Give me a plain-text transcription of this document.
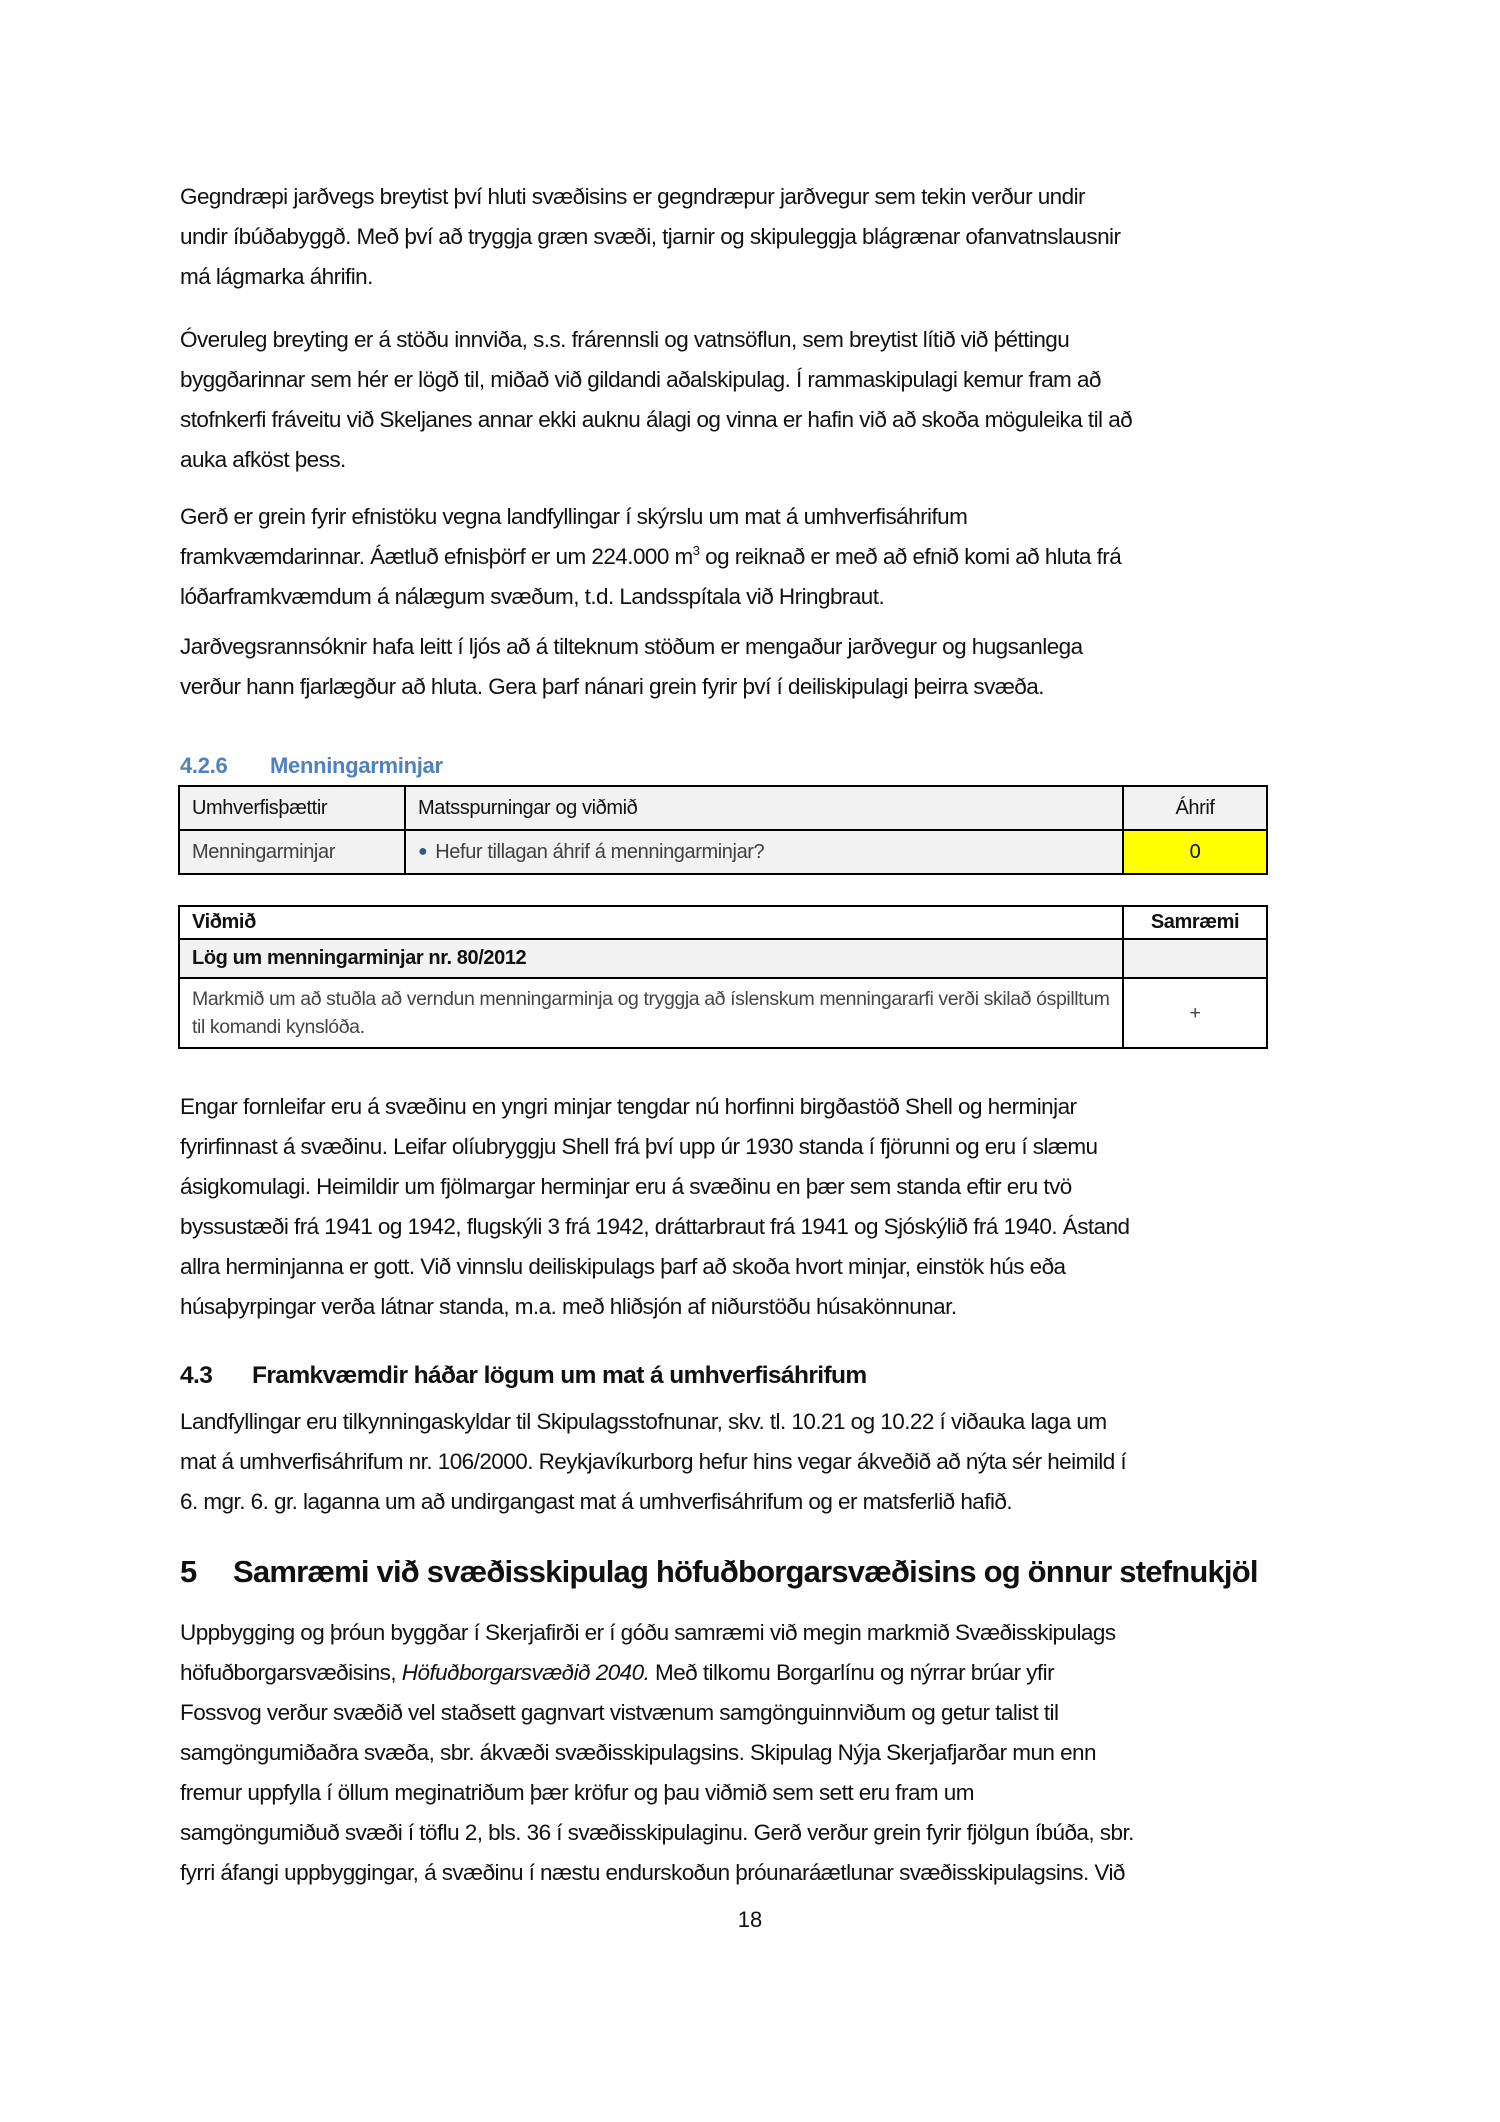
Gegndræpi jarðvegs breytist því hluti svæðisins er gegndræpur jarðvegur sem tekin verður undir
undir íbúðabyggð. Með því að tryggja græn svæði, tjarnir og skipuleggja blágrænar ofanvatnslausnir
má lágmarka áhrifin.
Óveruleg breyting er á stöðu innviða, s.s. frárennsli og vatnsöflun, sem breytist lítið við þéttingu
byggðarinnar sem hér er lögð til, miðað við gildandi aðalskipulag. Í rammaskipulagi kemur fram að
stofnkerfi fráveitu við Skeljanes annar ekki auknu álagi og vinna er hafin við að skoða möguleika til að
auka afköst þess.
Gerð er grein fyrir efnistöku vegna landfyllingar í skýrslu um mat á umhverfisáhrifum
framkvæmdarinnar. Áætluð efnisþörf er um 224.000 $m^3$ og reiknað er með að efnið komi að hluta frá
lóðarframkvæmdum á nálægum svæðum, t.d. Landsspítala við Hringbraut.
Jarðvegsrannsóknir hafa leitt í ljós að á tilteknum stöðum er mengaður jarðvegur og hugsanlega
verður hann fjarlægður að hluta. Gera þarf nánari grein fyrir því í deiliskipulagi þeirra svæða.
4.2.6 Menningarminjar
Umhverfisþættir	Matsspurningar og viðmið	Áhrif
Menningarminjar	● Hefur tillagan áhrif á menningarminjar?	0
Viðmið	Samræmi
Lög um menningarminjar nr. 80/2012	
Markmið um að stuðla að verndun menningarminja og tryggja að íslenskum menningararfi verði skilað óspilltum til komandi kynslóða.	+
Engar fornleifar eru á svæðinu en yngri minjar tengdar nú horfinni birgðastöð Shell og herminjar
fyrirfinnast á svæðinu. Leifar olíubryggju Shell frá því upp úr 1930 standa í fjörunni og eru í slæmu
ásigkomulagi. Heimildir um fjölmargar herminjar eru á svæðinu en þær sem standa eftir eru tvö
byssustæði frá 1941 og 1942, flugskýli 3 frá 1942, dráttarbraut frá 1941 og Sjóskýlið frá 1940. Ástand
allra herminjanna er gott. Við vinnslu deiliskipulags þarf að skoða hvort minjar, einstök hús eða
húsaþyrpingar verða látnar standa, m.a. með hliðsjón af niðurstöðu húsakönnunar.
4.3 Framkvæmdir háðar lögum um mat á umhverfisáhrifum
Landfyllingar eru tilkynningaskyldar til Skipulagsstofnunar, skv. tl. 10.21 og 10.22 í viðauka laga um
mat á umhverfisáhrifum nr. 106/2000. Reykjavíkurborg hefur hins vegar ákveðið að nýta sér heimild í
6. mgr. 6. gr. laganna um að undirgangast mat á umhverfisáhrifum og er matsferlið hafið.
5 Samræmi við svæðisskipulag höfuðborgarsvæðisins og önnur stefnukjöl
Uppbygging og þróun byggðar í Skerjafirði er í góðu samræmi við megin markmið Svæðisskipulags
höfuðborgarsvæðisins, Höfuðborgarsvæðið 2040. Með tilkomu Borgarlínu og nýrrar brúar yfir
Fossvog verður svæðið vel staðsett gagnvart vistvænum samgönguinnviðum og getur talist til
samgöngumiðaðra svæða, sbr. ákvæði svæðisskipulagsins. Skipulag Nýja Skerjafjarðar mun enn
fremur uppfylla í öllum meginatriðum þær kröfur og þau viðmið sem sett eru fram um
samgöngumiðuð svæði í töflu 2, bls. 36 í svæðisskipulaginu. Gerð verður grein fyrir fjölgun íbúða, sbr.
fyrri áfangi uppbyggingar, á svæðinu í næstu endurskoðun þróunaráætlunar svæðisskipulagsins. Við
18
